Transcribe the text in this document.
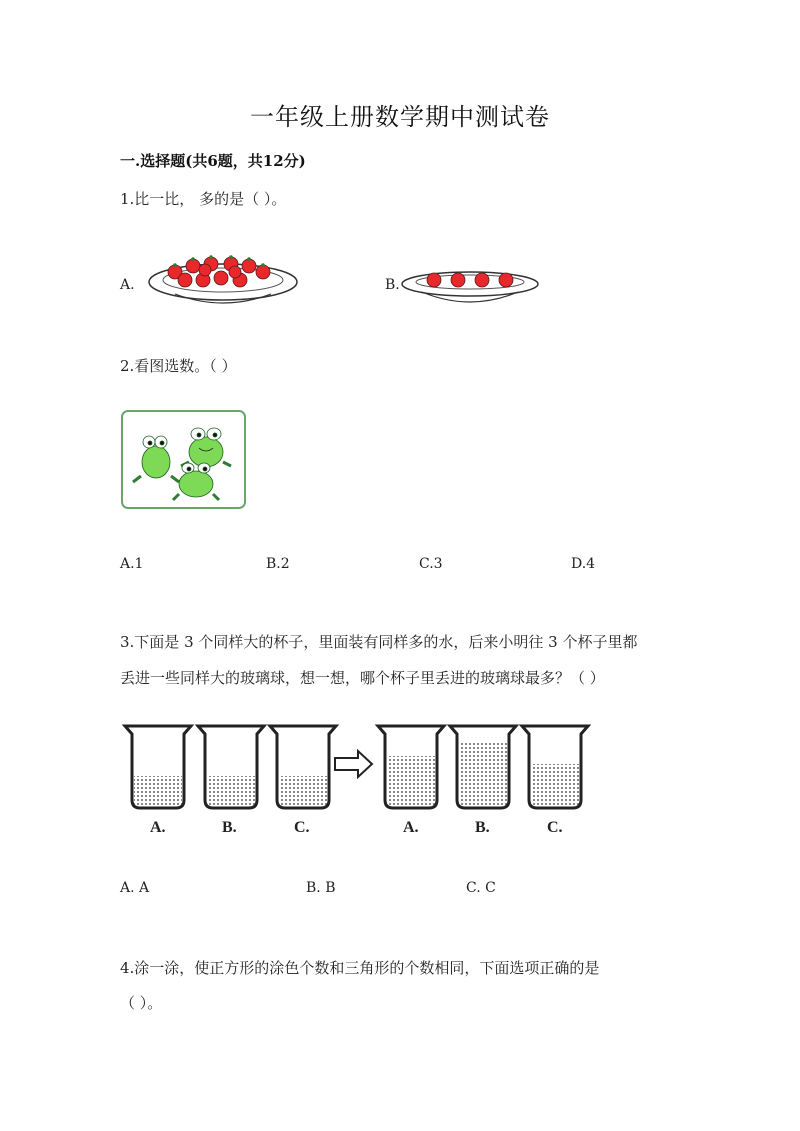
一年级上册数学期中测试卷
一.选择题(共6题，共12分)
1.比一比， 多的是（ ）。
A.	B.
2.看图选数。（ ）
A.1	B.2	C.3	D.4
3.下面是 3 个同样大的杯子，里面装有同样多的水，后来小明往 3 个杯子里都
丢进一些同样大的玻璃球，想一想，哪个杯子里丢进的玻璃球最多？（ ）
A.	B.	C.	A.	B.	C.
A. A	B. B	C. C
4.涂一涂，使正方形的涂色个数和三角形的个数相同，下面选项正确的是
（ ）。
